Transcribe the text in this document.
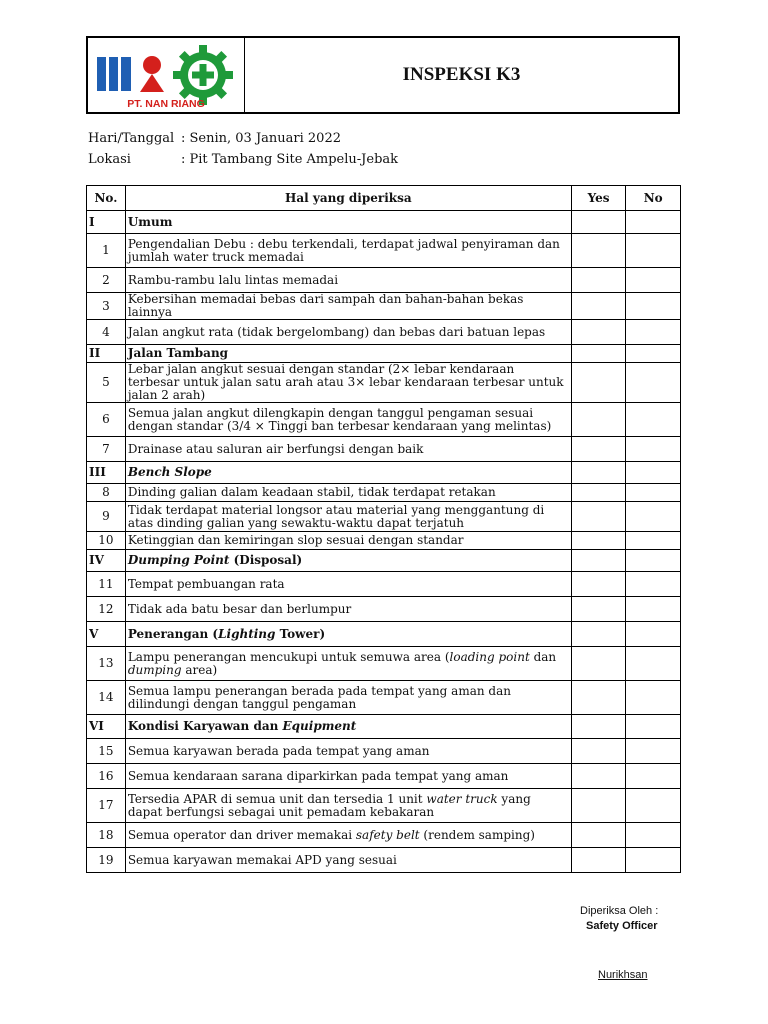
PT. NAN RIANG
INSPEKSI K3
Hari/Tanggal : Senin, 03 Januari 2022
Lokasi	: Pit Tambang Site Ampelu-Jebak
No.	Hal yang diperiksa	Yes	No
I	Umum		
1	Pengendalian Debu : debu terkendali, terdapat jadwal penyiraman dan jumlah water truck memadai		
2	Rambu-rambu lalu lintas memadai		
3	Kebersihan memadai bebas dari sampah dan bahan-bahan bekas lainnya		
4	Jalan angkut rata (tidak bergelombang) dan bebas dari batuan lepas		
II	Jalan Tambang		
5	Lebar jalan angkut sesuai dengan standar (2× lebar kendaraan terbesar untuk jalan satu arah atau 3× lebar kendaraan terbesar untuk jalan 2 arah)		
6	Semua jalan angkut dilengkapin dengan tanggul pengaman sesuai dengan standar (3/4 × Tinggi ban terbesar kendaraan yang melintas)		
7	Drainase atau saluran air berfungsi dengan baik		
III	Bench Slope		
8	Dinding galian dalam keadaan stabil, tidak terdapat retakan		
9	Tidak terdapat material longsor atau material yang menggantung di atas dinding galian yang sewaktu-waktu dapat terjatuh		
10	Ketinggian dan kemiringan slop sesuai dengan standar		
IV	Dumping Point (Disposal)		
11	Tempat pembuangan rata		
12	Tidak ada batu besar dan berlumpur		
V	Penerangan (Lighting Tower)		
13	Lampu penerangan mencukupi untuk semuwa area (loading point dan dumping area)		
14	Semua lampu penerangan berada pada tempat yang aman dan dilindungi dengan tanggul pengaman		
VI	Kondisi Karyawan dan Equipment		
15	Semua karyawan berada pada tempat yang aman		
16	Semua kendaraan sarana diparkirkan pada tempat yang aman		
17	Tersedia APAR di semua unit dan tersedia 1 unit water truck yang dapat berfungsi sebagai unit pemadam kebakaran		
18	Semua operator dan driver memakai safety belt (rendem samping)		
19	Semua karyawan memakai APD yang sesuai		
Diperiksa Oleh :
Safety Officer
Nurikhsan
